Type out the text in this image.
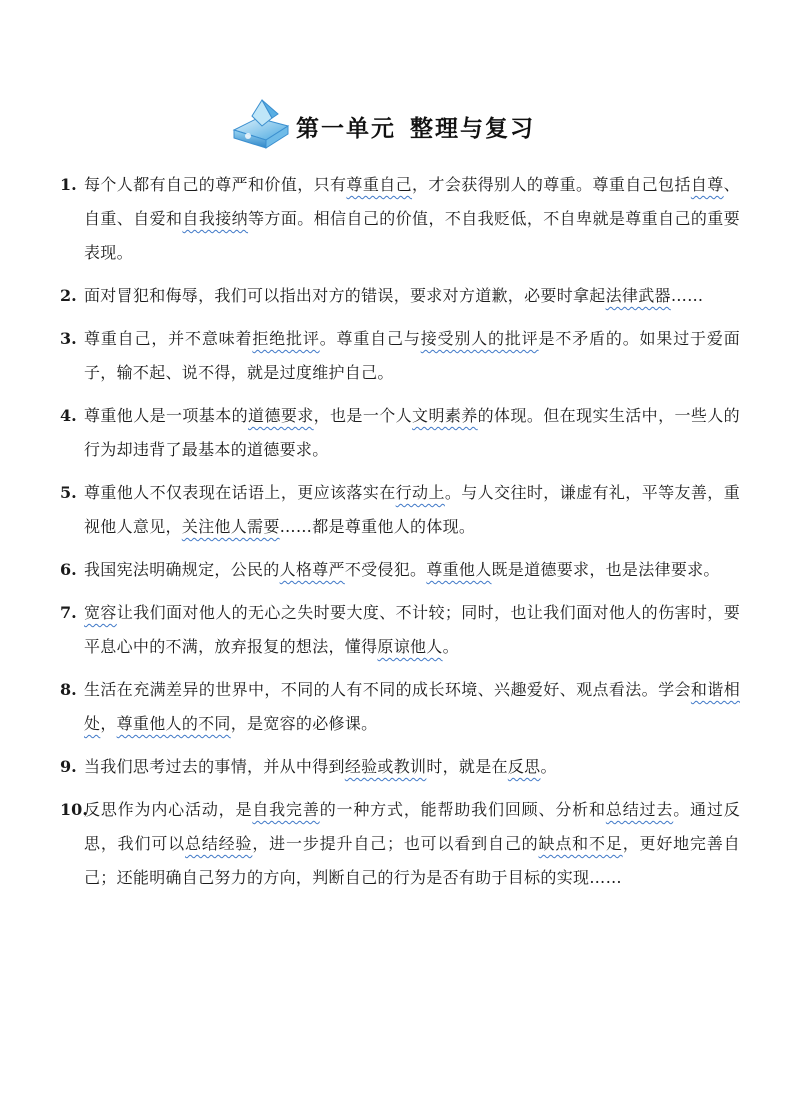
第一单元 整理与复习
1. 每个人都有自己的尊严和价值，只有尊重自己，才会获得别人的尊重。尊重自己包括自尊、自重、自爱和自我接纳等方面。相信自己的价值，不自我贬低，不自卑就是尊重自己的重要表现。
2. 面对冒犯和侮辱，我们可以指出对方的错误，要求对方道歉，必要时拿起法律武器……
3. 尊重自己，并不意味着拒绝批评。尊重自己与接受别人的批评是不矛盾的。如果过于爱面子，输不起、说不得，就是过度维护自己。
4. 尊重他人是一项基本的道德要求，也是一个人文明素养的体现。但在现实生活中，一些人的行为却违背了最基本的道德要求。
5. 尊重他人不仅表现在话语上，更应该落实在行动上。与人交往时，谦虚有礼，平等友善，重视他人意见，关注他人需要……都是尊重他人的体现。
6. 我国宪法明确规定，公民的人格尊严不受侵犯。尊重他人既是道德要求，也是法律要求。
7. 宽容让我们面对他人的无心之失时要大度、不计较；同时，也让我们面对他人的伤害时，要平息心中的不满，放弃报复的想法，懂得原谅他人。
8. 生活在充满差异的世界中，不同的人有不同的成长环境、兴趣爱好、观点看法。学会和谐相处，尊重他人的不同，是宽容的必修课。
9. 当我们思考过去的事情，并从中得到经验或教训时，就是在反思。
10.
反思作为内心活动，是自我完善的一种方式，能帮助我们回顾、分析和总结过去。通过反思，我们可以总结经验，进一步提升自己；也可以看到自己的缺点和不足，更好地完善自己；还能明确自己努力的方向，判断自己的行为是否有助于目标的实现……
